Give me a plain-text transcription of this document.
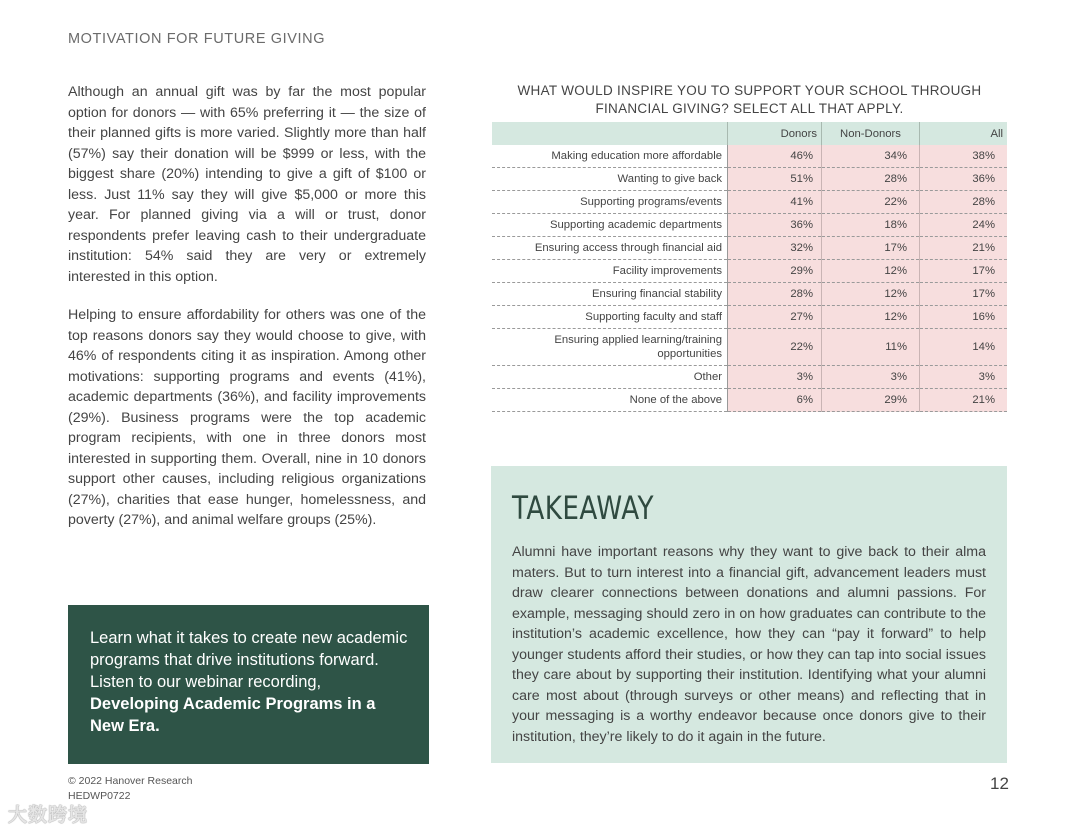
MOTIVATION FOR FUTURE GIVING

Although an annual gift was by far the most popular option for donors — with 65% preferring it — the size of their planned gifts is more varied. Slightly more than half (57%) say their donation will be $999 or less, with the biggest share (20%) intending to give a gift of $100 or less. Just 11% say they will give $5,000 or more this year. For planned giving via a will or trust, donor respondents prefer leaving cash to their undergraduate institution: 54% said they are very or extremely interested in this option.

Helping to ensure affordability for others was one of the top reasons donors say they would choose to give, with 46% of respondents citing it as inspiration. Among other motivations: supporting programs and events (41%), academic departments (36%), and facility improvements (29%). Business programs were the top academic program recipients, with one in three donors most interested in supporting them. Overall, nine in 10 donors support other causes, including religious organizations (27%), charities that ease hunger, homelessness, and poverty (27%), and animal welfare groups (25%).

Learn what it takes to create new academic programs that drive institutions forward. Listen to our webinar recording,
Developing Academic Programs in a New Era.
WHAT WOULD INSPIRE YOU TO SUPPORT YOUR SCHOOL THROUGH FINANCIAL GIVING? SELECT ALL THAT APPLY.
	Donors	Non-Donors	All
Making education more affordable	46%	34%	38%
Wanting to give back	51%	28%	36%
Supporting programs/events	41%	22%	28%
Supporting academic departments	36%	18%	24%
Ensuring access through financial aid	32%	17%	21%
Facility improvements	29%	12%	17%
Ensuring financial stability	28%	12%	17%
Supporting faculty and staff	27%	12%	16%
Ensuring applied learning/training opportunities	22%	11%	14%
Other	3%	3%	3%
None of the above	6%	29%	21%
TAKEAWAY

Alumni have important reasons why they want to give back to their alma maters. But to turn interest into a financial gift, advancement leaders must draw clearer connections between donations and alumni passions. For example, messaging should zero in on how graduates can contribute to the institution’s academic excellence, how they can “pay it forward” to help younger students afford their studies, or how they can tap into social issues they care about by supporting their institution. Identifying what your alumni care most about (through surveys or other means) and reflecting that in your messaging is a worthy endeavor because once donors give to their institution, they’re likely to do it again in the future.

© 2022 Hanover Research
HEDWP0722
12
大数跨境
